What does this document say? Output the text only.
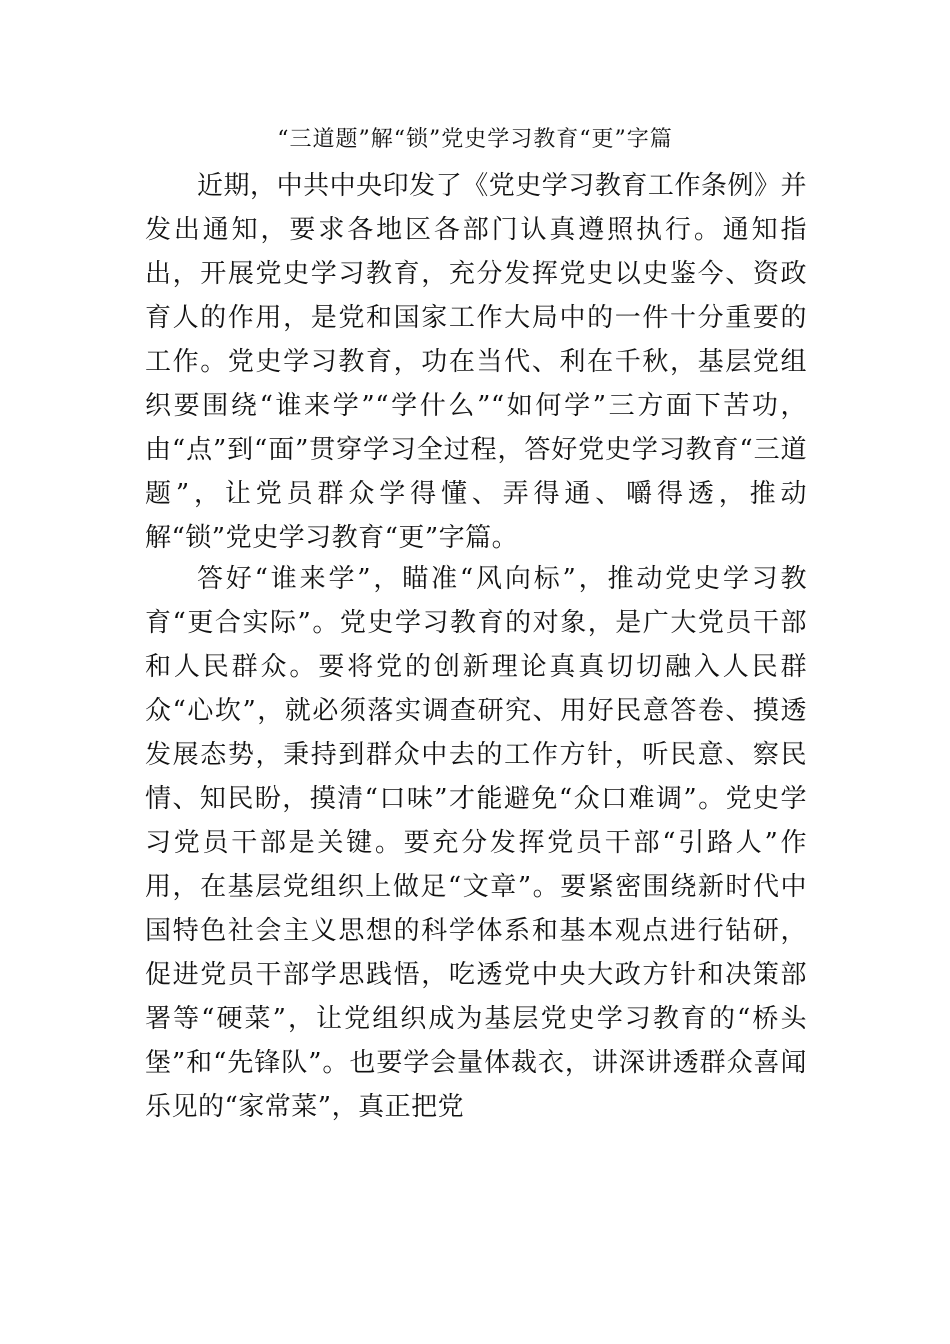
“三道题”解“锁”党史学习教育“更”字篇

近期，中共中央印发了《党史学习教育工作条例》并发出通知，要求各地区各部门认真遵照执行。通知指出，开展党史学习教育，充分发挥党史以史鉴今、资政育人的作用，是党和国家工作大局中的一件十分重要的工作。党史学习教育，功在当代、利在千秋，基层党组织要围绕“谁来学”“学什么”“如何学”三方面下苦功，由“点”到“面”贯穿学习全过程，答好党史学习教育“三道题”，让党员群众学得懂、弄得通、嚼得透，推动解“锁”党史学习教育“更”字篇。

答好“谁来学”，瞄准“风向标”，推动党史学习教育“更合实际”。党史学习教育的对象，是广大党员干部和人民群众。要将党的创新理论真真切切融入人民群众“心坎”，就必须落实调查研究、用好民意答卷、摸透发展态势，秉持到群众中去的工作方针，听民意、察民情、知民盼，摸清“口味”才能避免“众口难调”。党史学习党员干部是关键。要充分发挥党员干部“引路人”作用，在基层党组织上做足“文章”。要紧密围绕新时代中国特色社会主义思想的科学体系和基本观点进行钻研，促进党员干部学思践悟，吃透党中央大政方针和决策部署等“硬菜”，让党组织成为基层党史学习教育的“桥头堡”和“先锋队”。也要学会量体裁衣，讲深讲透群众喜闻乐见的“家常菜”，真正把党
